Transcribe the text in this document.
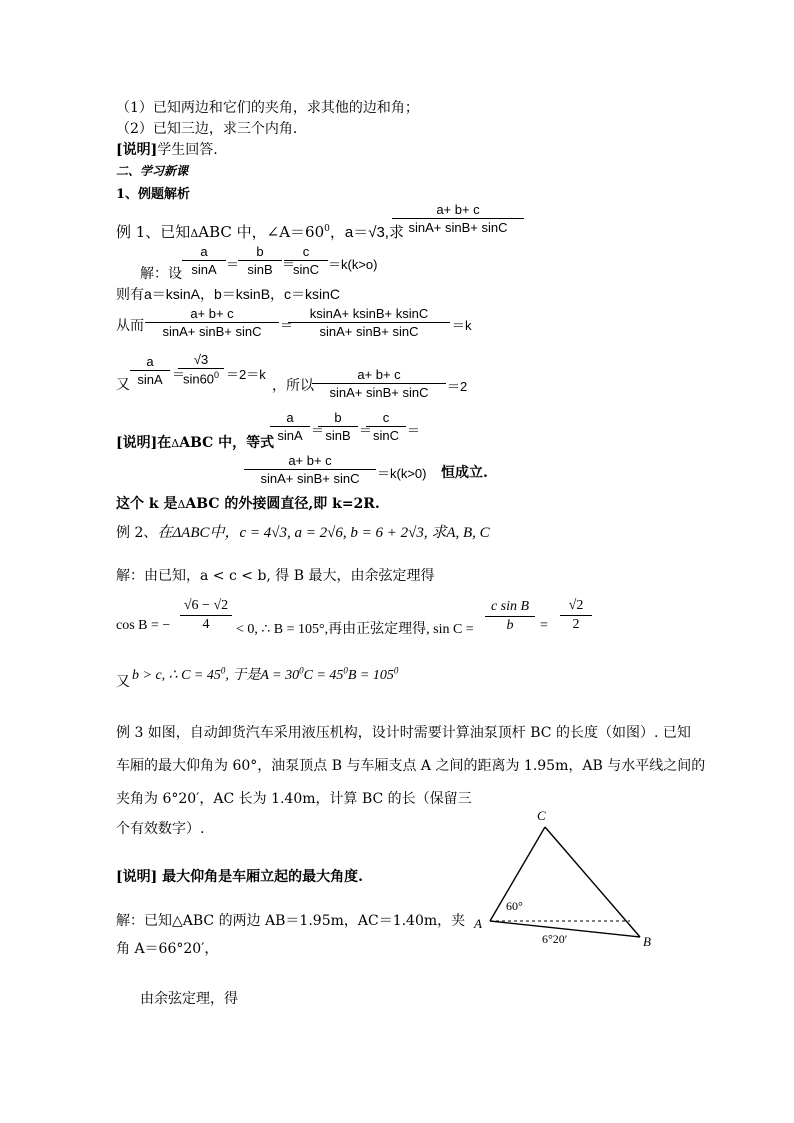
（1）已知两边和它们的夹角，求其他的边和角；
（2）已知三边，求三个内角.
[说明]学生回答.
二、学习新课
1、例题解析
例 1、已知ΔABC 中，$\angle A=60^0$，a＝√3,求
a+ b+ c
sinA+ sinB+ sinC
a
sinA ＝
b
sinB ＝
c
sinC ＝k(k>o)
解：设
则有a＝ksinA，b＝ksinB，c＝ksinC
从而
a+ b+ c
sinA+ sinB+ sinC	＝
ksinA+ ksinB+ ksinC
sinA+ sinB+ sinC	＝k
又
a
sinA ＝
√3
$\sin 60^0 =2=k$
，所以
a+ b+ c
sinA+ sinB+ sinC	＝2
[说明]在ΔABC 中，等式
a
sinA ＝
b
sinB ＝
c
sinC ＝
a+ b+ c
sinA+ sinB+ sinC	＝k(k>0) 恒成立.
这个 k 是ΔABC 的外接圆直径,即 k=2R.
例 2、在ΔABC中，c = 4√3, a = 2√6, b = 6 + 2√3, 求A, B, C
解：由已知，a < c < b, 得 B 最大，由余弦定理得
cos B = −
√6 − √2
4	< 0, ∴ B = 105°,再由正弦定理得, sin C =
c sin B
b	=
√2
2
又 b > c, ∴ $C = 45^0$, 于是$A = 30^0C = 45^0B = 105^0$
例 3 如图，自动卸货汽车采用液压机构，设计时需要计算油泵顶杆 BC 的长度（如图）. 已知
车厢的最大仰角为 60°，油泵顶点 B 与车厢支点 A 之间的距离为 1.95m，AB 与水平线之间的
夹角为 6°20′，AC 长为 1.40m，计算 BC 的长（保留三
个有效数字）.
[说明] 最大仰角是车厢立起的最大角度.
解：已知△ABC 的两边 AB＝1.95m，AC＝1.40m，夹
角 A＝66°20′，
由余弦定理，得
C
A
B
60°
6°20′
